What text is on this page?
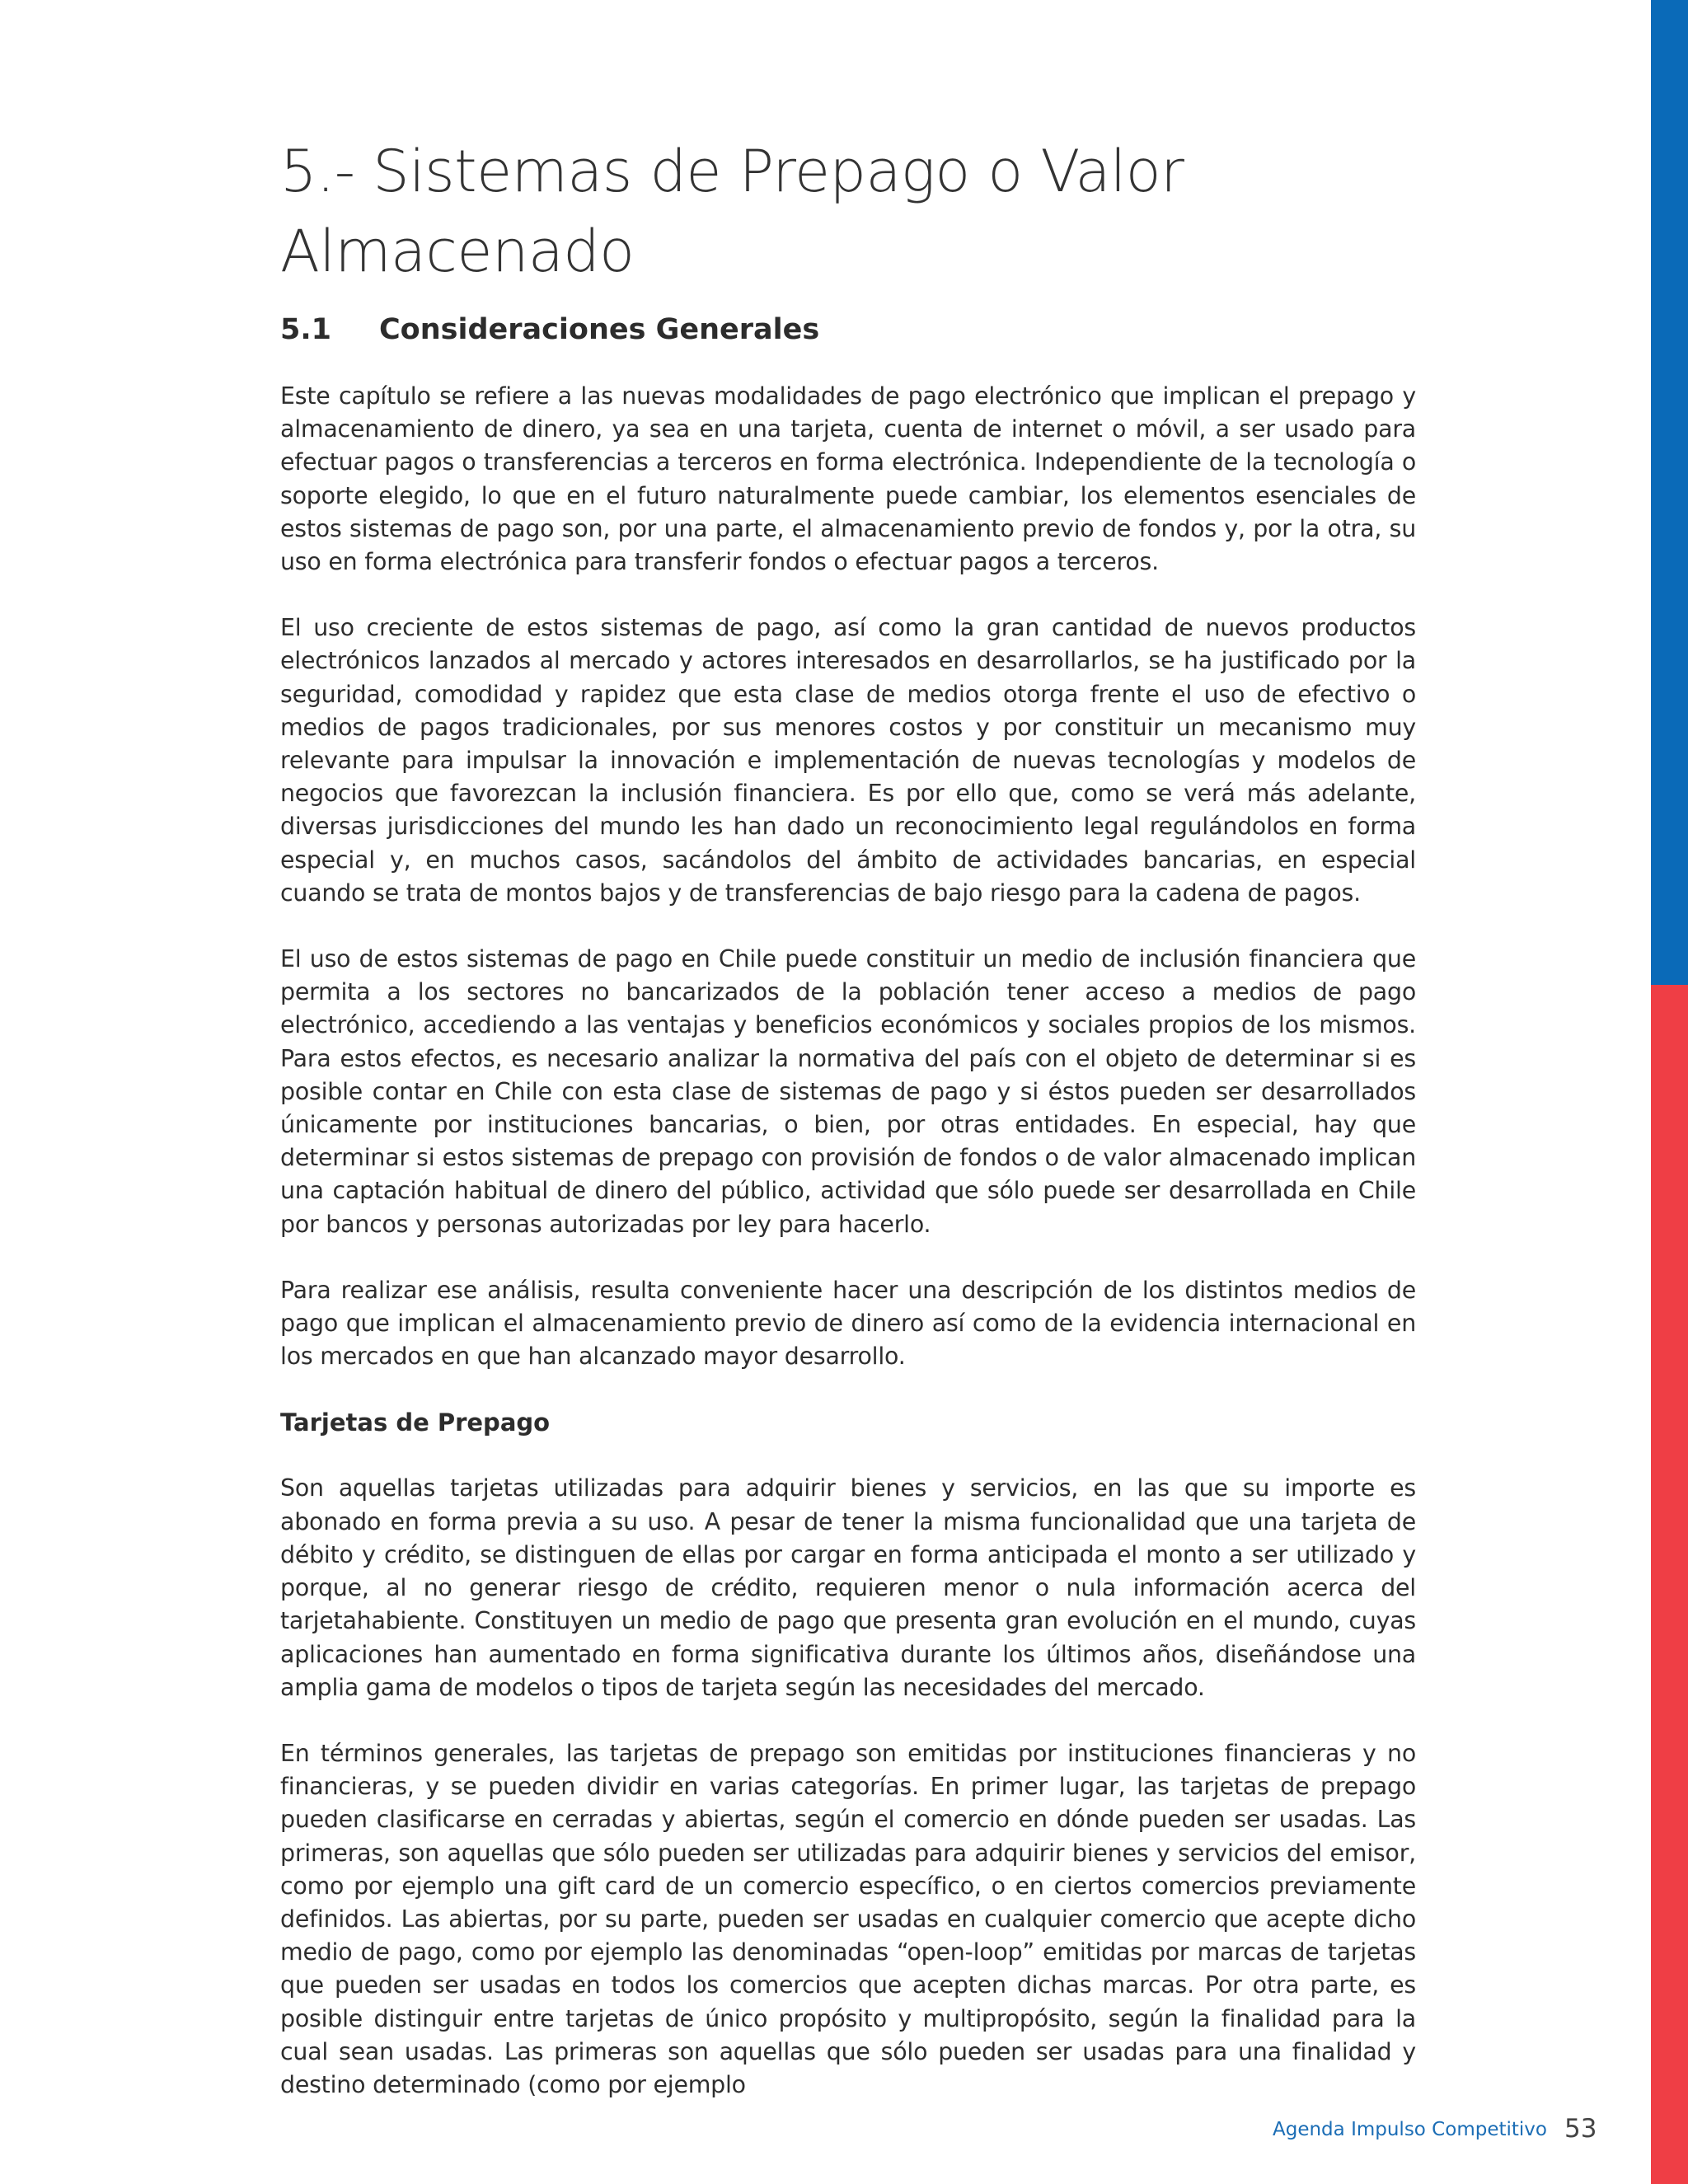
5.- Sistemas de Prepago o Valor Almacenado
5.1	Consideraciones Generales

Este capítulo se refiere a las nuevas modalidades de pago electrónico que implican el prepago y almacenamiento de dinero, ya sea en una tarjeta, cuenta de internet o móvil, a ser usado para efectuar pagos o transferencias a terceros en forma electrónica. Independiente de la tecnología o soporte elegido, lo que en el futuro naturalmente puede cambiar, los elementos esenciales de estos sistemas de pago son, por una parte, el almacenamiento previo de fondos y, por la otra, su uso en forma electrónica para transferir fondos o efectuar pagos a terceros.

El uso creciente de estos sistemas de pago, así como la gran cantidad de nuevos productos electrónicos lanzados al mercado y actores interesados en desarrollarlos, se ha justificado por la seguridad, comodidad y rapidez que esta clase de medios otorga frente el uso de efectivo o medios de pagos tradicionales, por sus menores costos y por constituir un mecanismo muy relevante para impulsar la innovación e implementación de nuevas tecnologías y modelos de negocios que favorezcan la inclusión financiera. Es por ello que, como se verá más adelante, diversas jurisdicciones del mundo les han dado un reconocimiento legal regulándolos en forma especial y, en muchos casos, sacándolos del ámbito de actividades bancarias, en especial cuando se trata de montos bajos y de transferencias de bajo riesgo para la cadena de pagos.

El uso de estos sistemas de pago en Chile puede constituir un medio de inclusión financiera que permita a los sectores no bancarizados de la población tener acceso a medios de pago electrónico, accediendo a las ventajas y beneficios económicos y sociales propios de los mismos. Para estos efectos, es necesario analizar la normativa del país con el objeto de determinar si es posible contar en Chile con esta clase de sistemas de pago y si éstos pueden ser desarrollados únicamente por instituciones bancarias, o bien, por otras entidades. En especial, hay que determinar si estos sistemas de prepago con provisión de fondos o de valor almacenado implican una captación habitual de dinero del público, actividad que sólo puede ser desarrollada en Chile por bancos y personas autorizadas por ley para hacerlo.

Para realizar ese análisis, resulta conveniente hacer una descripción de los distintos medios de pago que implican el almacenamiento previo de dinero así como de la evidencia internacional en los mercados en que han alcanzado mayor desarrollo.

Tarjetas de Prepago

Son aquellas tarjetas utilizadas para adquirir bienes y servicios, en las que su importe es abonado en forma previa a su uso. A pesar de tener la misma funcionalidad que una tarjeta de débito y crédito, se distinguen de ellas por cargar en forma anticipada el monto a ser utilizado y porque, al no generar riesgo de crédito, requieren menor o nula información acerca del tarjetahabiente. Constituyen un medio de pago que presenta gran evolución en el mundo, cuyas aplicaciones han aumentado en forma significativa durante los últimos años, diseñándose una amplia gama de modelos o tipos de tarjeta según las necesidades del mercado.

En términos generales, las tarjetas de prepago son emitidas por instituciones financieras y no financieras, y se pueden dividir en varias categorías. En primer lugar, las tarjetas de prepago pueden clasificarse en cerradas y abiertas, según el comercio en dónde pueden ser usadas. Las primeras, son aquellas que sólo pueden ser utilizadas para adquirir bienes y servicios del emisor, como por ejemplo una gift card de un comercio específico, o en ciertos comercios previamente definidos. Las abiertas, por su parte, pueden ser usadas en cualquier comercio que acepte dicho medio de pago, como por ejemplo las denominadas “open-loop” emitidas por marcas de tarjetas que pueden ser usadas en todos los comercios que acepten dichas marcas. Por otra parte, es posible distinguir entre tarjetas de único propósito y multipropósito, según la finalidad para la cual sean usadas. Las primeras son aquellas que sólo pueden ser usadas para una finalidad y destino determinado (como por ejemplo

Agenda Impulso Competitivo 53
